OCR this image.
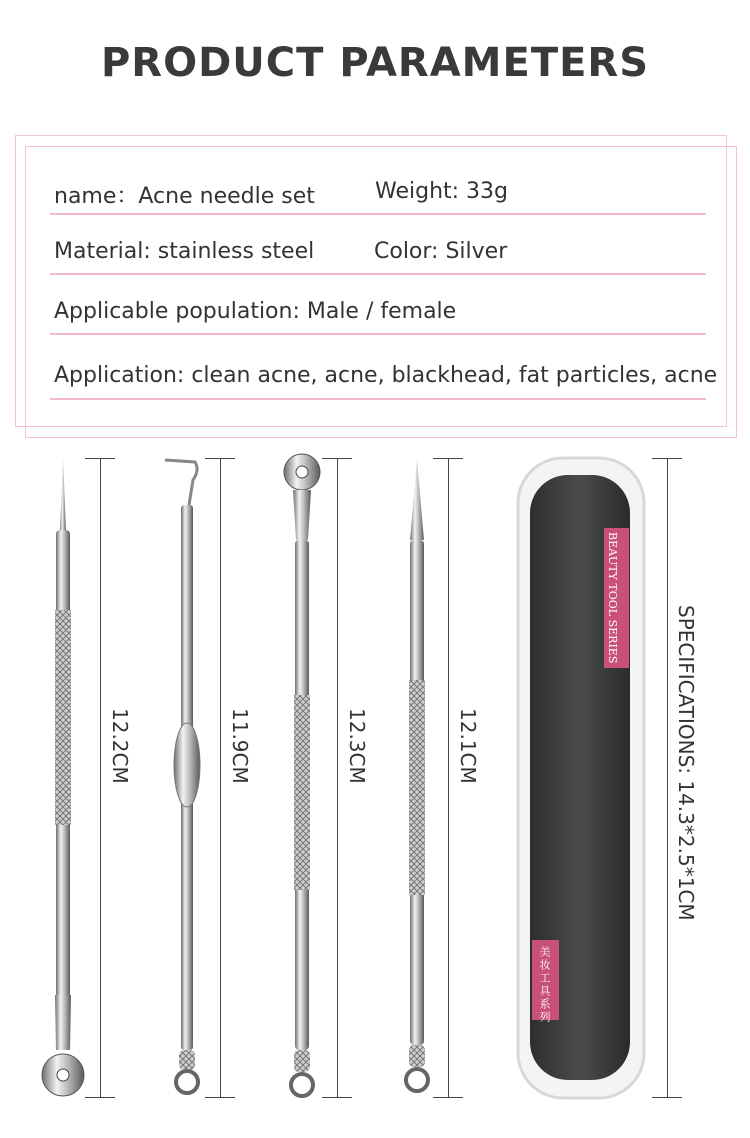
PRODUCT PARAMETERS
name：Acne needle set	Weight: 33g
Material: stainless steel	Color: Silver
Applicable population: Male / female
Application: clean acne, acne, blackhead, fat particles, acne
BEAUTY TOOL SERIES
美妆工具系列
12.2CM	11.9CM	12.3CM	12.1CM	SPECIFICATIONS: 14.3*2.5*1CM
